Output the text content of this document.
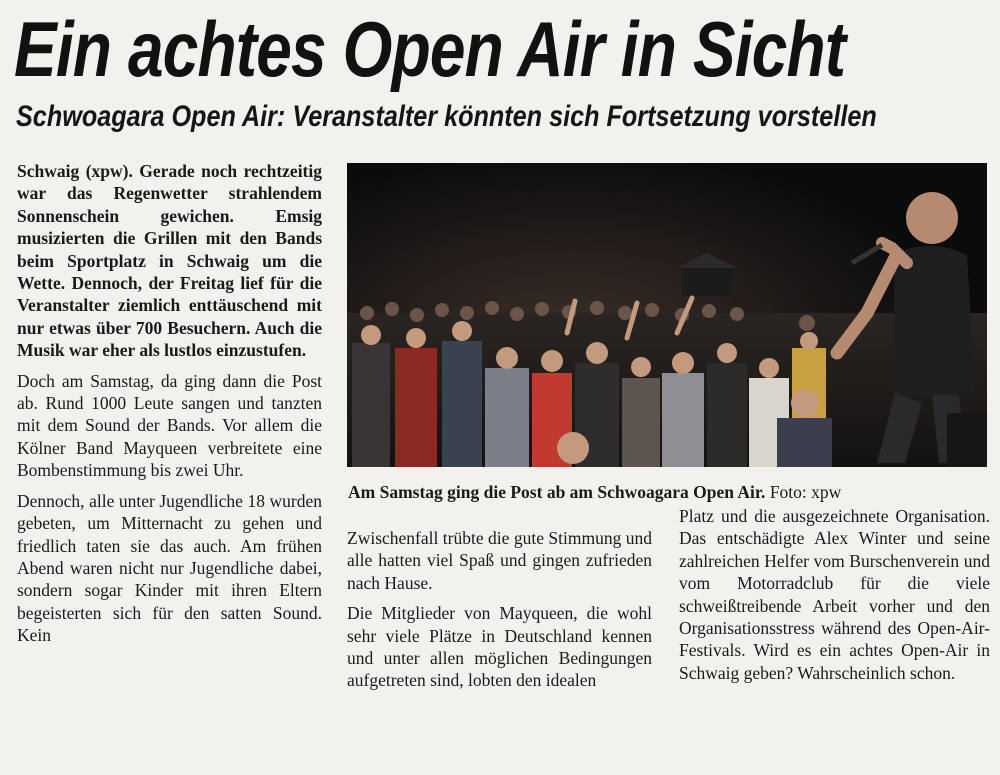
Ein achtes Open Air in Sicht
Schwoagara Open Air: Veranstalter könnten sich Fortsetzung vorstellen

Schwaig (xpw). Gerade noch rechtzeitig war das Regenwetter strahlendem Sonnenschein gewichen. Emsig musizierten die Grillen mit den Bands beim Sportplatz in Schwaig um die Wette. Dennoch, der Freitag lief für die Veranstalter ziemlich enttäuschend mit nur etwas über 700 Besuchern. Auch die Musik war eher als lustlos einzustufen.

Doch am Samstag, da ging dann die Post ab. Rund 1000 Leute sangen und tanzten mit dem Sound der Bands. Vor allem die Kölner Band Mayqueen verbreitete eine Bombenstimmung bis zwei Uhr.

Dennoch, alle unter Jugendliche 18 wurden gebeten, um Mitternacht zu gehen und friedlich taten sie das auch. Am frühen Abend waren nicht nur Jugendliche dabei, sondern sogar Kinder mit ihren Eltern begeisterten sich für den satten Sound. Kein

Am Samstag ging die Post ab am Schwoagara Open Air. Foto: xpw

Zwischenfall trübte die gute Stimmung und alle hatten viel Spaß und gingen zufrieden nach Hause.

Die Mitglieder von Mayqueen, die wohl sehr viele Plätze in Deutschland kennen und unter allen möglichen Bedingungen aufgetreten sind, lobten den idealen

Platz und die ausgezeichnete Organisation. Das entschädigte Alex Winter und seine zahlreichen Helfer vom Burschenverein und vom Motorradclub für die viele schweißtreibende Arbeit vorher und den Organisationsstress während des Open-Air-Festivals. Wird es ein achtes Open-Air in Schwaig geben? Wahrscheinlich schon.
